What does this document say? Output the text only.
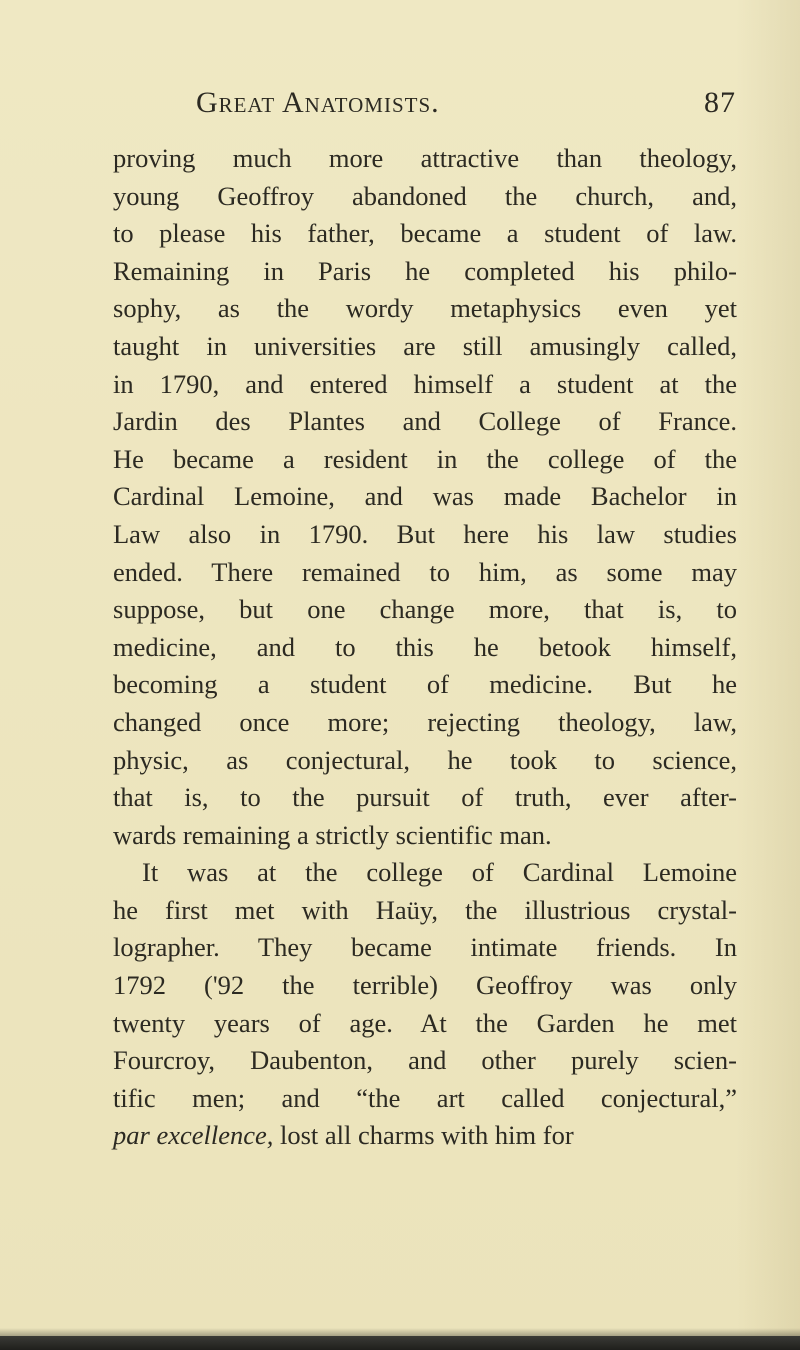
Great Anatomists.	87
proving much more attractive than theology,
young Geoffroy abandoned the church, and,
to please his father, became a student of law.
Remaining in Paris he completed his philo-
sophy, as the wordy metaphysics even yet
taught in universities are still amusingly called,
in 1790, and entered himself a student at the
Jardin des Plantes and College of France.
He became a resident in the college of the
Cardinal Lemoine, and was made Bachelor in
Law also in 1790. But here his law studies
ended. There remained to him, as some may
suppose, but one change more, that is, to
medicine, and to this he betook himself,
becoming a student of medicine. But he
changed once more; rejecting theology, law,
physic, as conjectural, he took to science,
that is, to the pursuit of truth, ever after-
wards remaining a strictly scientific man.
It was at the college of Cardinal Lemoine
he first met with Haüy, the illustrious crystal-
lographer. They became intimate friends. In
1792 ('92 the terrible) Geoffroy was only
twenty years of age. At the Garden he met
Fourcroy, Daubenton, and other purely scien-
tific men; and “the art called conjectural,”
par excellence, lost all charms with him for
